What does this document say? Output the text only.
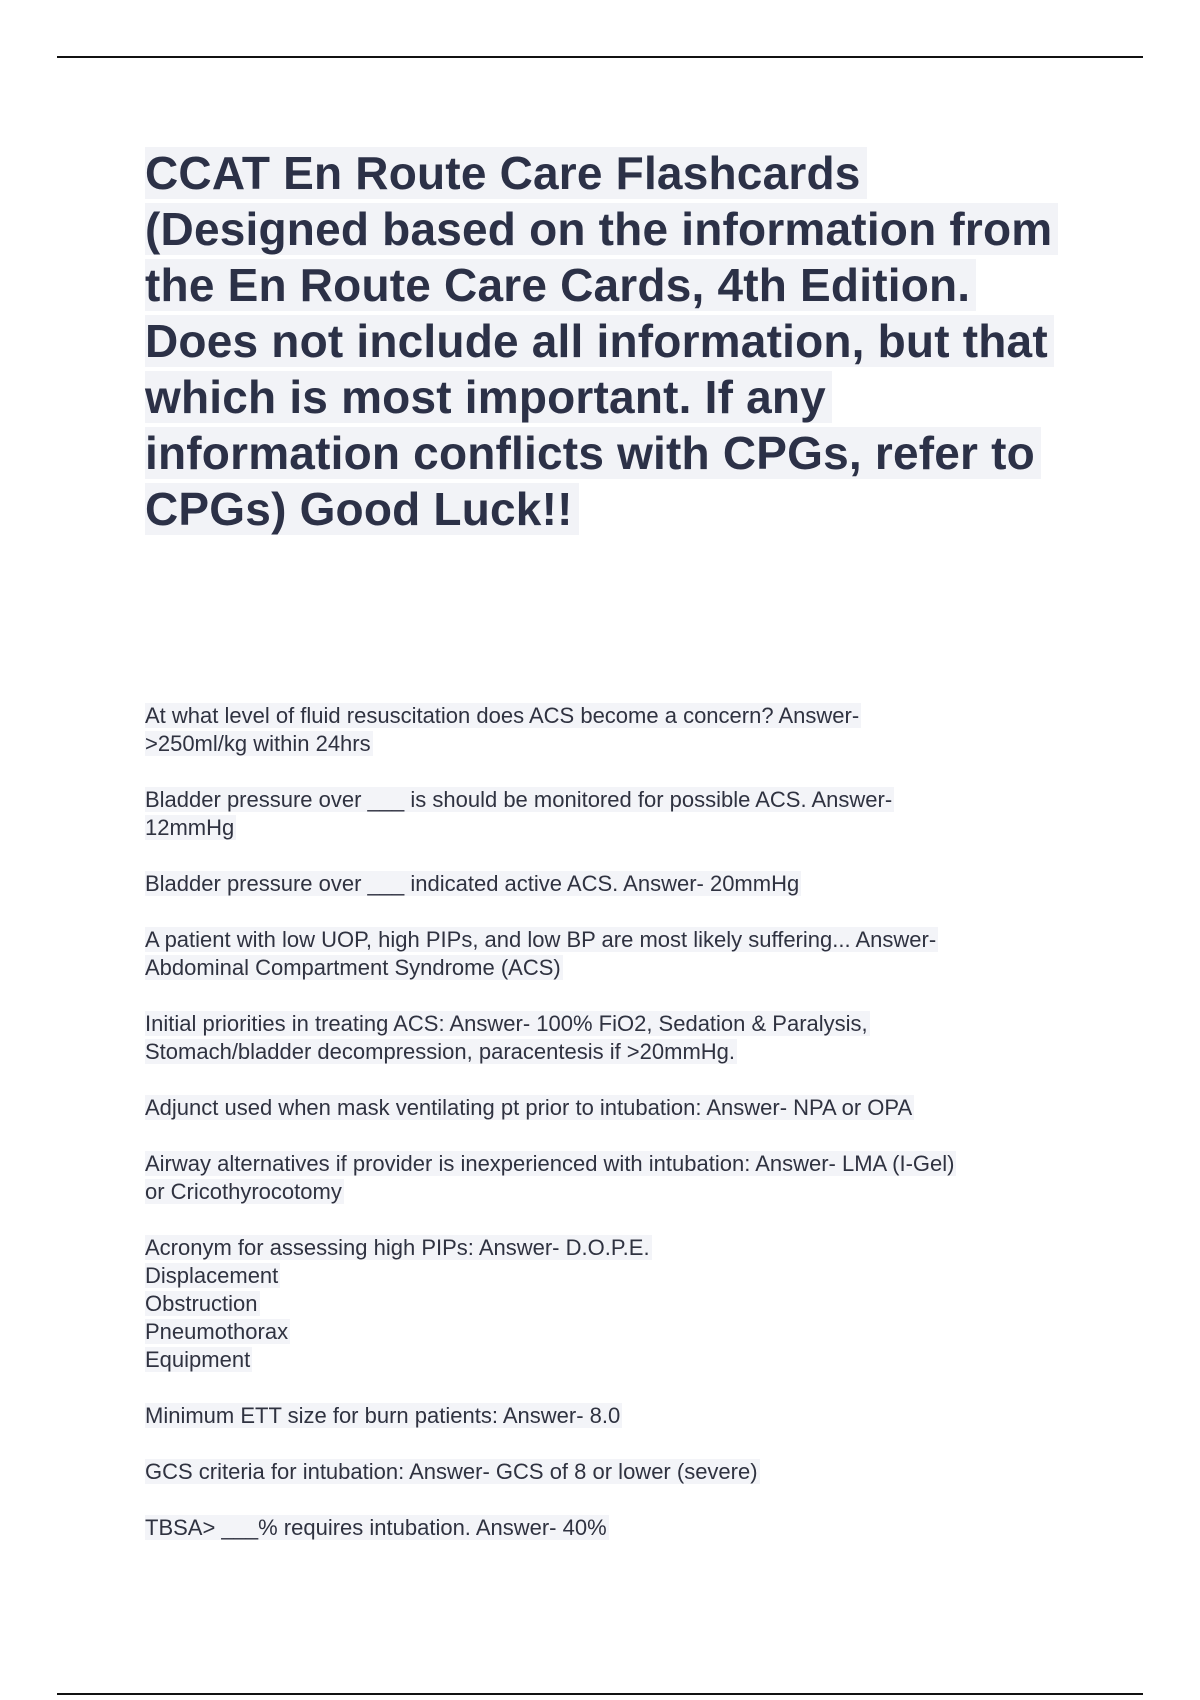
CCAT En Route Care Flashcards (Designed based on the information from the En Route Care Cards, 4th Edition. Does not include all information, but that which is most important. If any information conflicts with CPGs, refer to CPGs) Good Luck!!
At what level of fluid resuscitation does ACS become a concern? Answer-
>250ml/kg within 24hrs
Bladder pressure over ___ is should be monitored for possible ACS. Answer-
12mmHg
Bladder pressure over ___ indicated active ACS. Answer- 20mmHg
A patient with low UOP, high PIPs, and low BP are most likely suffering... Answer-
Abdominal Compartment Syndrome (ACS)
Initial priorities in treating ACS: Answer- 100% FiO2, Sedation & Paralysis,
Stomach/bladder decompression, paracentesis if >20mmHg.
Adjunct used when mask ventilating pt prior to intubation: Answer- NPA or OPA
Airway alternatives if provider is inexperienced with intubation: Answer- LMA (I-Gel)
or Cricothyrocotomy
Acronym for assessing high PIPs: Answer- D.O.P.E.
Displacement
Obstruction
Pneumothorax
Equipment
Minimum ETT size for burn patients: Answer- 8.0
GCS criteria for intubation: Answer- GCS of 8 or lower (severe)
TBSA> ___% requires intubation. Answer- 40%
